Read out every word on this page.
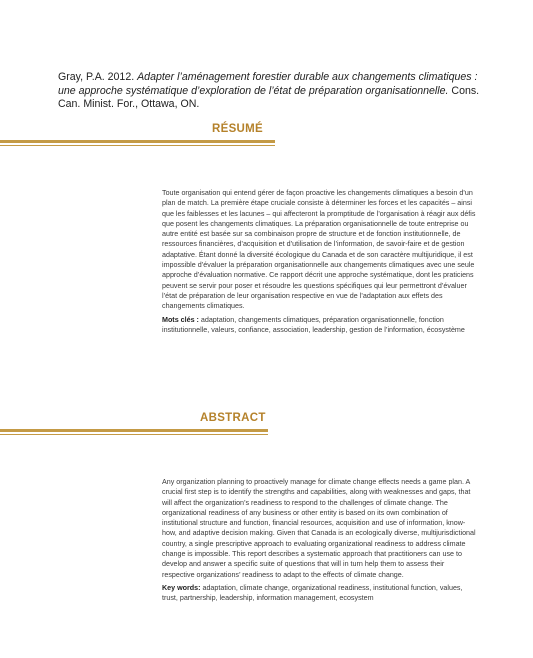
Gray, P.A. 2012. Adapter l’aménagement forestier durable aux changements climatiques : une approche systématique d’exploration de l’état de préparation organisationnelle. Cons. Can. Minist. For., Ottawa, ON.
RÉSUMÉ

Toute organisation qui entend gérer de façon proactive les changements climatiques a besoin d’un plan de match. La première étape cruciale consiste à déterminer les forces et les capacités – ainsi que les faiblesses et les lacunes – qui affecteront la promptitude de l’organisation à réagir aux défis que posent les changements climatiques. La préparation organisationnelle de toute entreprise ou autre entité est basée sur sa combinaison propre de structure et de fonction institutionnelle, de ressources financières, d’acquisition et d’utilisation de l’information, de savoir-faire et de gestion adaptative. Étant donné la diversité écologique du Canada et de son caractère multijuridique, il est impossible d’évaluer la préparation organisationnelle aux changements climatiques avec une seule approche d’évaluation normative. Ce rapport décrit une approche systématique, dont les praticiens peuvent se servir pour poser et résoudre les questions spécifiques qui leur permettront d’évaluer l’état de préparation de leur organisation respective en vue de l’adaptation aux effets des changements climatiques.

Mots clés : adaptation, changements climatiques, préparation organisationnelle, fonction institutionnelle, valeurs, confiance, association, leadership, gestion de l’information, écosystème

ABSTRACT

Any organization planning to proactively manage for climate change effects needs a game plan. A crucial first step is to identify the strengths and capabilities, along with weaknesses and gaps, that will affect the organization’s readiness to respond to the challenges of climate change. The organizational readiness of any business or other entity is based on its own combination of institutional structure and function, financial resources, acquisition and use of information, know-how, and adaptive decision making. Given that Canada is an ecologically diverse, multijurisdictional country, a single prescriptive approach to evaluating organizational readiness to address climate change is impossible. This report describes a systematic approach that practitioners can use to develop and answer a specific suite of questions that will in turn help them to assess their respective organizations’ readiness to adapt to the effects of climate change.

Key words: adaptation, climate change, organizational readiness, institutional function, values, trust, partnership, leadership, information management, ecosystem
